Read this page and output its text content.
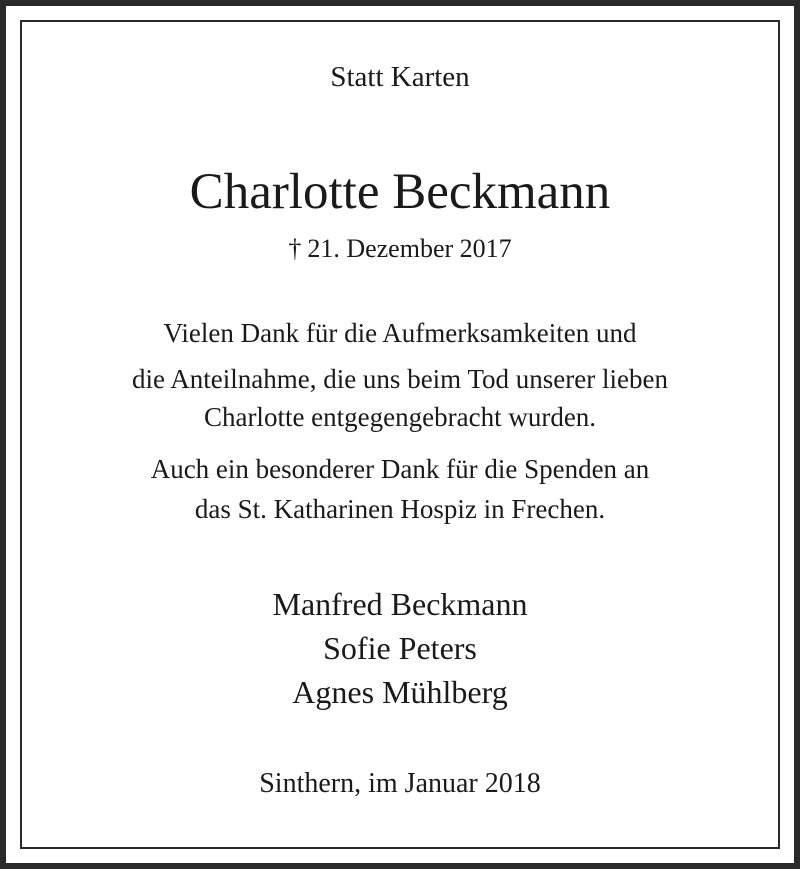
Statt Karten

Charlotte Beckmann

† 21. Dezember 2017

Vielen Dank für die Aufmerksamkeiten und

die Anteilnahme, die uns beim Tod unserer lieben

Charlotte entgegengebracht wurden.

Auch ein besonderer Dank für die Spenden an

das St. Katharinen Hospiz in Frechen.

Manfred Beckmann

Sofie Peters

Agnes Mühlberg

Sinthern, im Januar 2018
